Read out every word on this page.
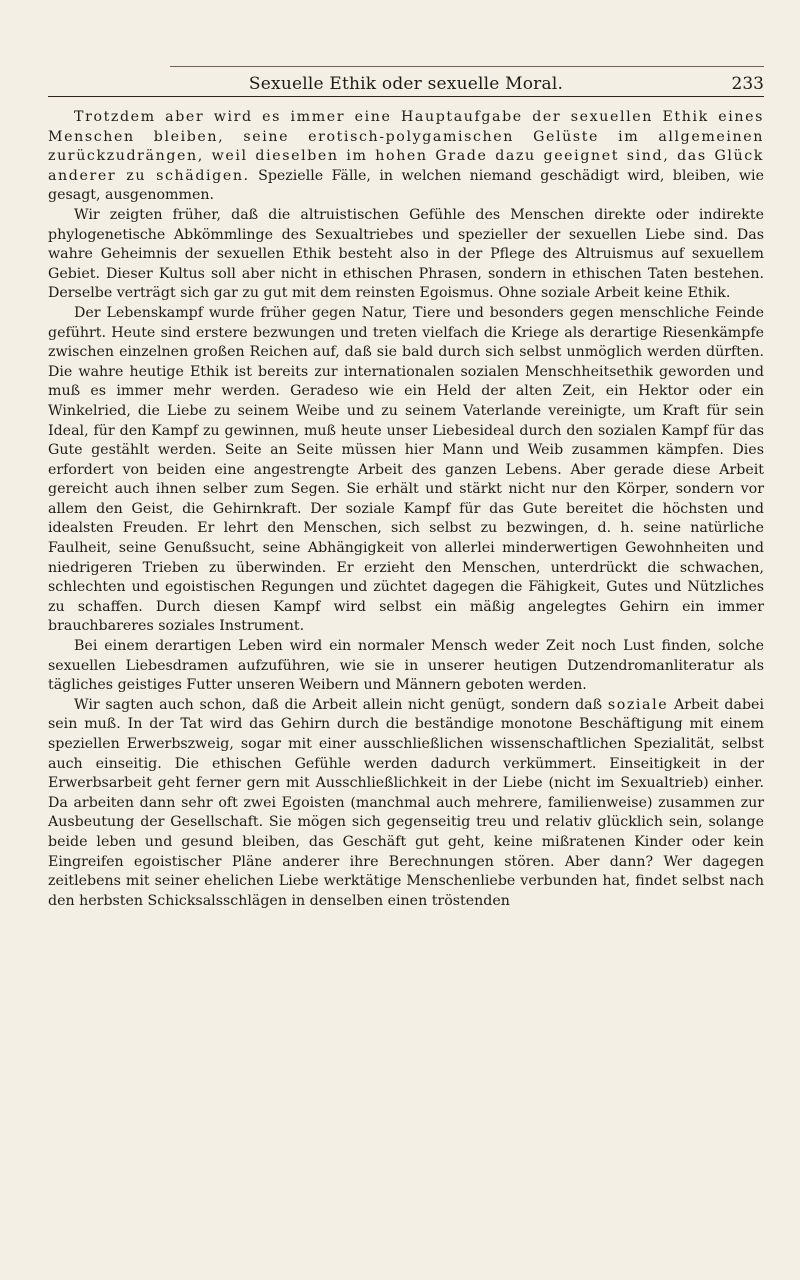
Sexuelle Ethik oder sexuelle Moral.	233

Trotzdem aber wird es immer eine Hauptaufgabe der sexuellen Ethik eines Menschen bleiben, seine erotisch-polygamischen Gelüste im allgemeinen zurückzudrängen, weil dieselben im hohen Grade dazu geeignet sind, das Glück anderer zu schädigen. Spezielle Fälle, in welchen niemand geschädigt wird, bleiben, wie gesagt, ausgenommen.

Wir zeigten früher, daß die altruistischen Gefühle des Menschen direkte oder indirekte phylogenetische Abkömmlinge des Sexualtriebes und spezieller der sexuellen Liebe sind. Das wahre Geheimnis der sexuellen Ethik besteht also in der Pflege des Altruismus auf sexuellem Gebiet. Dieser Kultus soll aber nicht in ethischen Phrasen, sondern in ethischen Taten bestehen. Derselbe verträgt sich gar zu gut mit dem reinsten Egoismus. Ohne soziale Arbeit keine Ethik.

Der Lebenskampf wurde früher gegen Natur, Tiere und besonders gegen menschliche Feinde geführt. Heute sind ersterе bezwungen und treten vielfach die Kriege als derartige Riesenkämpfe zwischen einzelnen großen Reichen auf, daß sie bald durch sich selbst unmöglich werden dürften. Die wahre heutige Ethik ist bereits zur internationalen sozialen Menschheitsethik geworden und muß es immer mehr werden. Geradeso wie ein Held der alten Zeit, ein Hektor oder ein Winkelried, die Liebe zu seinem Weibe und zu seinem Vaterlande vereinigte, um Kraft für sein Ideal, für den Kampf zu gewinnen, muß heute unser Liebesideal durch den sozialen Kampf für das Gute gestählt werden. Seite an Seite müssen hier Mann und Weib zusammen kämpfen. Dies erfordert von beiden eine angestrengte Arbeit des ganzen Lebens. Aber gerade diese Arbeit gereicht auch ihnen selber zum Segen. Sie erhält und stärkt nicht nur den Körper, sondern vor allem den Geist, die Gehirnkraft. Der soziale Kampf für das Gute bereitet die höchsten und idealsten Freuden. Er lehrt den Menschen, sich selbst zu bezwingen, d. h. seine natürliche Faulheit, seine Genußsucht, seine Abhängigkeit von allerlei minderwertigen Gewohnheiten und niedrigeren Trieben zu überwinden. Er erzieht den Menschen, unterdrückt die schwachen, schlechten und egoistischen Regungen und züchtet dagegen die Fähigkeit, Gutes und Nützliches zu schaffen. Durch diesen Kampf wird selbst ein mäßig angelegtes Gehirn ein immer brauchbareres soziales Instrument.

Bei einem derartigen Leben wird ein normaler Mensch weder Zeit noch Lust finden, solche sexuellen Liebesdramen aufzuführen, wie sie in unserer heutigen Dutzendromanliteratur als tägliches geistiges Futter unseren Weibern und Männern geboten werden.

Wir sagten auch schon, daß die Arbeit allein nicht genügt, sondern daß soziale Arbeit dabei sein muß. In der Tat wird das Gehirn durch die beständige monotone Beschäftigung mit einem speziellen Erwerbszweig, sogar mit einer ausschließlichen wissenschaftlichen Spezialität, selbst auch einseitig. Die ethischen Gefühle werden dadurch verkümmert. Einseitigkeit in der Erwerbsarbeit geht ferner gern mit Ausschließlichkeit in der Liebe (nicht im Sexualtrieb) einher. Da arbeiten dann sehr oft zwei Egoisten (manchmal auch mehrere, familienweise) zusammen zur Ausbeutung der Gesellschaft. Sie mögen sich gegenseitig treu und relativ glücklich sein, solange beide leben und gesund bleiben, das Geschäft gut geht, keine mißratenen Kinder oder kein Eingreifen egoistischer Pläne anderer ihre Berechnungen stören. Aber dann? Wer dagegen zeitlebens mit seiner ehelichen Liebe werktätige Menschenliebe verbunden hat, findet selbst nach den herbsten Schicksalsschlägen in denselben einen tröstenden
